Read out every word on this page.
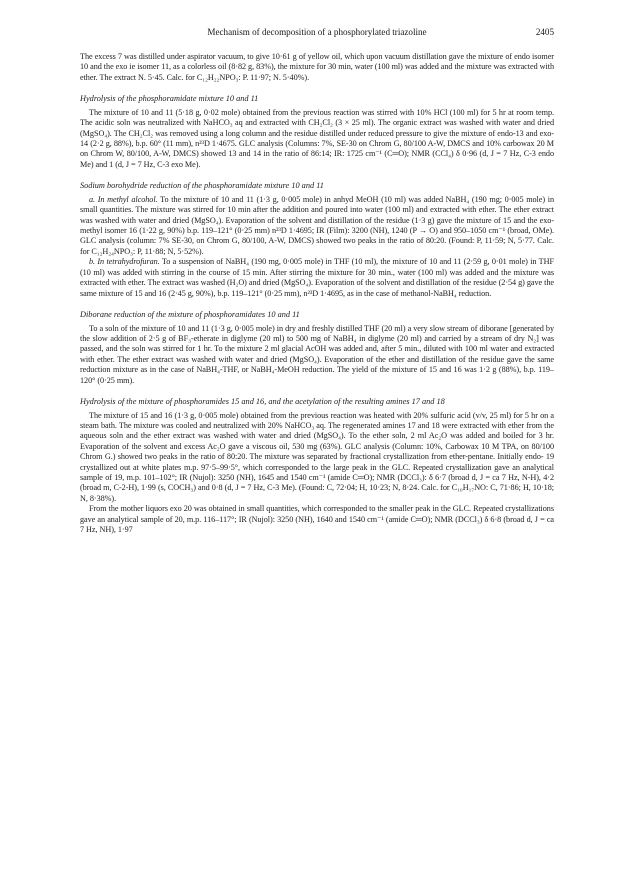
Mechanism of decomposition of a phosphorylated triazoline	2405

The excess 7 was distilled under aspirator vacuum, to give 10·61 g of yellow oil, which upon vacuum distillation gave the mixture of endo isomer 10 and the exo ie isomer 11, as a colorless oil (8·82 g, 83%), the mixture for 30 min, water (100 ml) was added and the mixture was extracted with ether. The extract N. 5·45. Calc. for C₁₂H₂₂NPO₃: P. 11·97; N. 5·40%).

Hydrolysis of the phosphoramidate mixture 10 and 11

The mixture of 10 and 11 (5·18 g, 0·02 mole) obtained from the previous reaction was stirred with 10% HCl (100 ml) for 5 hr at room temp. The acidic soln was neutralized with NaHCO₃ aq and extracted with CH₂Cl₂ (3 × 25 ml). The organic extract was washed with water and dried (MgSO₄). The CH₂Cl₂ was removed using a long column and the residue distilled under reduced pressure to give the mixture of endo-13 and exo-14 (2·2 g, 88%), b.p. 60° (11 mm), n²³D 1·4675. GLC analysis (Columns: 7%, SE-30 on Chrom G, 80/100 A-W, DMCS and 10% carbowax 20 M on Chrom W, 80/100, A-W, DMCS) showed 13 and 14 in the ratio of 86:14; IR: 1725 cm⁻¹ (C═O); NMR (CCl₄) δ 0·96 (d, J = 7 Hz, C-3 endo Me) and 1 (d, J = 7 Hz, C-3 exo Me).

Sodium borohydride reduction of the phosphoramidate mixture 10 and 11

a. In methyl alcohol. To the mixture of 10 and 11 (1·3 g, 0·005 mole) in anhyd MeOH (10 ml) was added NaBH₄ (190 mg; 0·005 mole) in small quantities. The mixture was stirred for 10 min after the addition and poured into water (100 ml) and extracted with ether. The ether extract was washed with water and dried (MgSO₄). Evaporation of the solvent and distillation of the residue (1·3 g) gave the mixture of 15 and the exo-methyl isomer 16 (1·22 g, 90%) b.p. 119–121° (0·25 mm) n²³D 1·4695; IR (Film): 3200 (NH), 1240 (P → O) and 950–1050 cm⁻¹ (broad, OMe). GLC analysis (column: 7% SE-30, on Chrom G, 80/100, A-W, DMCS) showed two peaks in the ratio of 80:20. (Found: P, 11·59; N, 5·77. Calc. for C₁₂H₂₄NPO₃: P, 11·88; N, 5·52%).

b. In tetrahydrofuran. To a suspension of NaBH₄ (190 mg, 0·005 mole) in THF (10 ml), the mixture of 10 and 11 (2·59 g, 0·01 mole) in THF (10 ml) was added with stirring in the course of 15 min. After stirring the mixture for 30 min., water (100 ml) was added and the mixture was extracted with ether. The extract was washed (H₂O) and dried (MgSO₄). Evaporation of the solvent and distillation of the residue (2·54 g) gave the same mixture of 15 and 16 (2·45 g, 90%), b.p. 119–121° (0·25 mm), n²³D 1·4695, as in the case of methanol-NaBH₄ reduction.

Diborane reduction of the mixture of phosphoramidates 10 and 11

To a soln of the mixture of 10 and 11 (1·3 g, 0·005 mole) in dry and freshly distilled THF (20 ml) a very slow stream of diborane [generated by the slow addition of 2·5 g of BF₃-etherate in diglyme (20 ml) to 500 mg of NaBH₄ in diglyme (20 ml) and carried by a stream of dry N₂] was passed, and the soln was stirred for 1 hr. To the mixture 2 ml glacial AcOH was added and, after 5 min., diluted with 100 ml water and extracted with ether. The ether extract was washed with water and dried (MgSO₄). Evaporation of the ether and distillation of the residue gave the same reduction mixture as in the case of NaBH₄-THF, or NaBH₄-MeOH reduction. The yield of the mixture of 15 and 16 was 1·2 g (88%), b.p. 119–120° (0·25 mm).

Hydrolysis of the mixture of phosphoramides 15 and 16, and the acetylation of the resulting amines 17 and 18

The mixture of 15 and 16 (1·3 g, 0·005 mole) obtained from the previous reaction was heated with 20% sulfuric acid (v/v, 25 ml) for 5 hr on a steam bath. The mixture was cooled and neutralized with 20% NaHCO₃ aq. The regenerated amines 17 and 18 were extracted with ether from the aqueous soln and the ether extract was washed with water and dried (MgSO₄). To the ether soln, 2 ml Ac₂O was added and boiled for 3 hr. Evaporation of the solvent and excess Ac₂O gave a viscous oil, 530 mg (63%). GLC analysis (Column: 10%, Carbowax 10 M TPA, on 80/100 Chrom G.) showed two peaks in the ratio of 80:20. The mixture was separated by fractional crystallization from ether-pentane. Initially endo- 19 crystallized out at white plates m.p. 97·5–99·5°, which corresponded to the large peak in the GLC. Repeated crystallization gave an analytical sample of 19, m.p. 101–102°; IR (Nujol): 3250 (NH), 1645 and 1540 cm⁻¹ (amide C═O); NMR (DCCl₃): δ 6·7 (broad d, J = ca 7 Hz, N-H), 4·2 (broad m, C-2-H), 1·99 (s, COCH₃) and 0·8 (d, J = 7 Hz, C-3 Me). (Found: C, 72·04; H, 10·23; N, 8·24. Calc. for C₁₀H₁₇NO: C, 71·86; H, 10·18; N, 8·38%).

From the mother liquors exo 20 was obtained in small quantities, which corresponded to the smaller peak in the GLC. Repeated crystallizations gave an analytical sample of 20, m.p. 116–117°; IR (Nujol): 3250 (NH), 1640 and 1540 cm⁻¹ (amide C═O); NMR (DCCl₃) δ 6·8 (broad d, J = ca 7 Hz, NH), 1·97
